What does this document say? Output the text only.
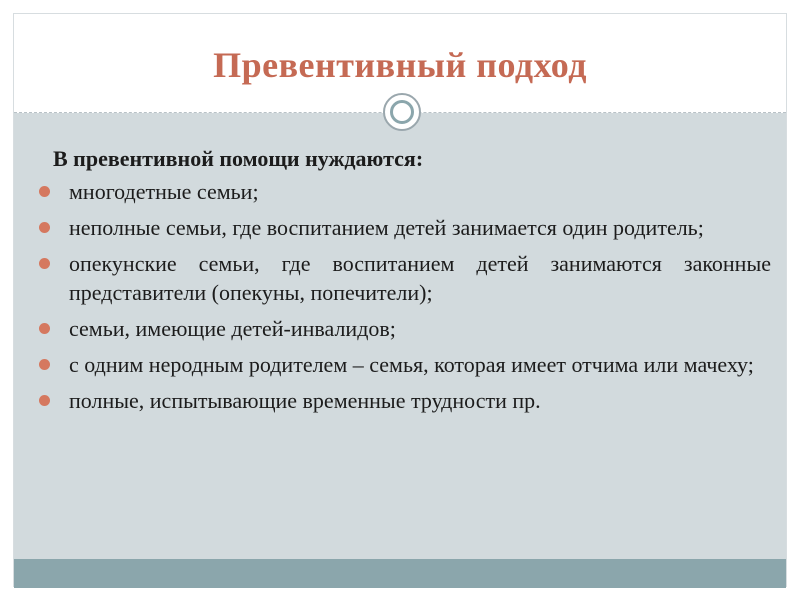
Превентивный подход
В превентивной помощи нуждаются:
многодетные семьи;
неполные семьи, где воспитанием детей занимается один родитель;
опекунские семьи, где воспитанием детей занимаются законные представители (опекуны, попечители);
семьи, имеющие детей-инвалидов;
с одним неродным родителем – семья, которая имеет отчима или мачеху;
полные, испытывающие временные трудности пр.
